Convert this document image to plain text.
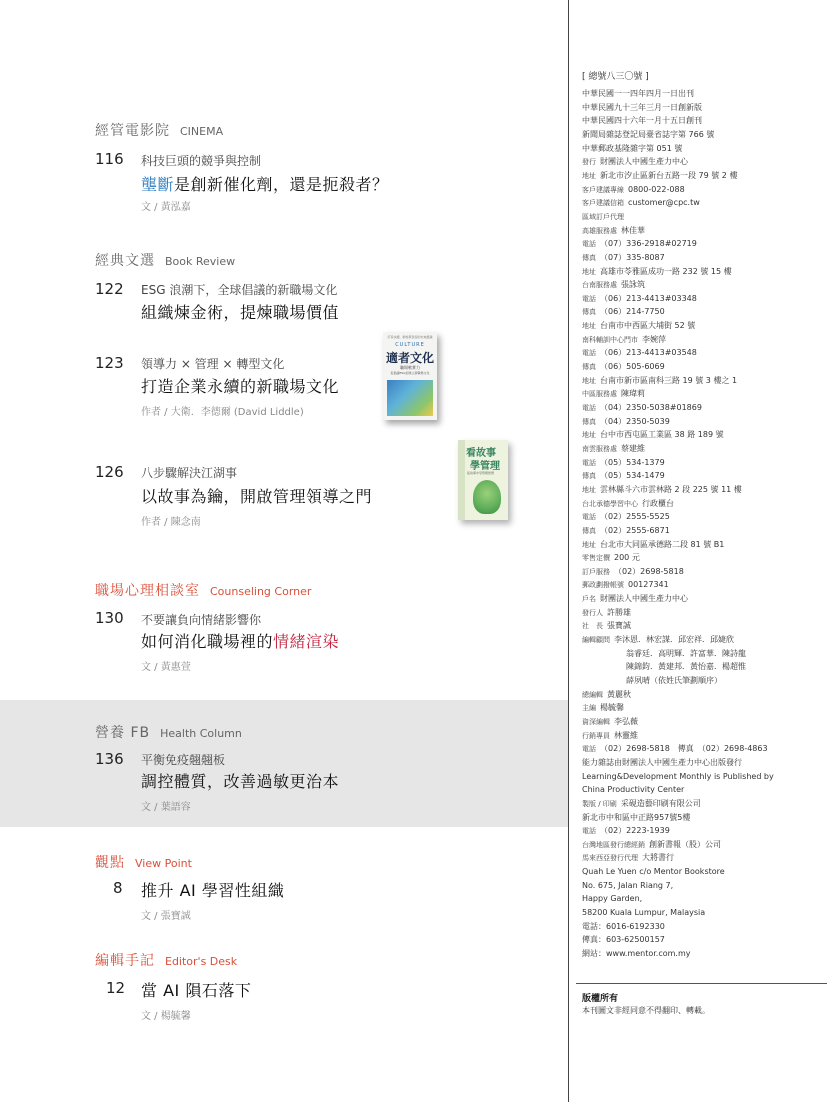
經管電影院 CINEMA
116 科技巨頭的競爭與控制
壟斷是創新催化劑，還是扼殺者？
文 / 黃泓嘉
經典文選 Book Review
122 ESG 浪潮下，全球倡議的新職場文化
組織煉金術，提煉職場價值
123 領導力 × 管理 × 轉型文化
打造企業永續的新職場文化
作者 / 大衛．李德爾 (David Liddle)
打造永續、韌性與包容的未來組織
CULTURE
適者文化
職場軟實力
從倡議ESG到建立新職場文化
126 八步驟解決江湖事
以故事為鑰，開啟管理領導之門
作者 / 陳念南
看故事
學管理
從故事中學管理智慧
職場心理相談室 Counseling Corner
130 不要讓負向情緒影響你
如何消化職場裡的情緒渲染
文 / 黃惠萱
營養 FB Health Column
136 平衡免疫翹翹板
調控體質，改善過敏更治本
文 / 葉語容
觀點 View Point
8 推升 AI 學習性組織
文 / 張寶誠
編輯手記 Editor's Desk
12 當 AI 隕石落下
文 / 楊毓馨
[ 總號八三〇號 ]
中華民國一一四年四月一日出刊
中華民國九十三年三月一日創新版
中華民國四十六年一月十五日創刊
新聞局雜誌登記局臺省誌字第 766 號
中華郵政基隆雜字第 051 號
發行 財團法人中國生產力中心
地址 新北市汐止區新台五路一段 79 號 2 樓
客戶建議專線 0800-022-088
客戶建議信箱 customer@cpc.tw
區域訂戶代理
高雄服務處 林佳華
電話 （07）336-2918#02719
傳真 （07）335-8087
地址 高雄市苓雅區成功一路 232 號 15 樓
台南服務處 張詠筑
電話 （06）213-4413#03348
傳真 （06）214-7750
地址 台南市中西區大埔街 52 號
南科輔訓中心門市 李婉萍
電話 （06）213-4413#03548
傳真 （06）505-6069
地址 台南市新市區南科三路 19 號 3 樓之 1
中區服務處 陳瑋莉
電話 （04）2350-5038#01869
傳真 （04）2350-5039
地址 台中市西屯區工業區 38 路 189 號
南雲服務處 蔡建維
電話 （05）534-1379
傳真 （05）534-1479
地址 雲林縣斗六市雲林路 2 段 225 號 11 樓
台北承德學習中心 行政櫃台
電話 （02）2555-5525
傳真 （02）2555-6871
地址 台北市大同區承德路二段 81 號 B1
零售定價 200 元
訂戶服務 （02）2698-5818
郵政劃撥帳號 00127341
戶名 財團法人中國生產力中心
發行人 許勝雄
社　長 張寶誠
編輯顧問 李沐恩．林宏謀．邱宏祥．邱婕欣
翁睿廷．高明輝．許富華．陳詩龍
陳錦鈞．黃建邦．黃怡嘉．楊超惟
薛夙晴（依姓氏筆劃順序）
總編輯 黃麗秋
主編 楊毓馨
資深編輯 李弘薇
行銷專員 林靈維
電話 （02）2698-5818　傳真　（02）2698-4863
能力雜誌由財團法人中國生產力中心出版發行
Learning&Development Monthly is Published by
China Productivity Center
製版 / 印刷 采硯造藝印刷有限公司
新北市中和區中正路957號5樓
電話 （02）2223-1939
台灣地區發行總經銷 創新書報（股）公司
馬來西亞發行代理 大將書行
Quah Le Yuen c/o Mentor Bookstore
No. 675, Jalan Riang 7,
Happy Garden,
58200 Kuala Lumpur, Malaysia
電話：6016-6192330
傳真：603-62500157
網站：www.mentor.com.my
版權所有
本刊圖文非經同意不得翻印、轉載。
